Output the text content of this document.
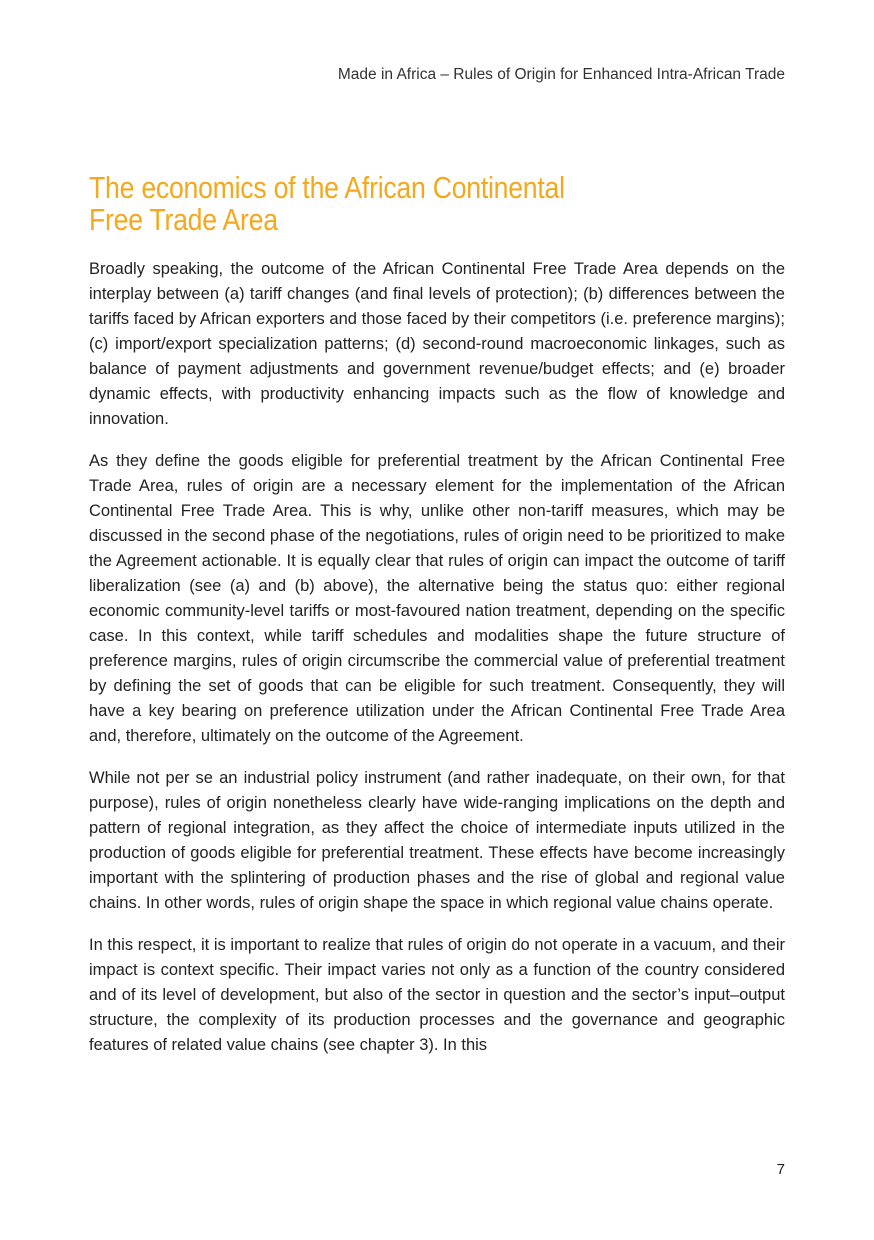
Made in Africa – Rules of Origin for Enhanced Intra-African Trade
The economics of the African Continental
Free Trade Area

Broadly speaking, the outcome of the African Continental Free Trade Area depends on the interplay between (a) tariff changes (and final levels of protection); (b) differences between the tariffs faced by African exporters and those faced by their competitors (i.e. preference margins); (c) import/export specialization patterns; (d) second-round macroeconomic linkages, such as balance of payment adjustments and government revenue/budget effects; and (e) broader dynamic effects, with productivity enhancing impacts such as the flow of knowledge and innovation.

As they define the goods eligible for preferential treatment by the African Continental Free Trade Area, rules of origin are a necessary element for the implementation of the African Continental Free Trade Area. This is why, unlike other non-tariff measures, which may be discussed in the second phase of the negotiations, rules of origin need to be prioritized to make the Agreement actionable. It is equally clear that rules of origin can impact the outcome of tariff liberalization (see (a) and (b) above), the alternative being the status quo: either regional economic community-level tariffs or most-favoured nation treatment, depending on the specific case. In this context, while tariff schedules and modalities shape the future structure of preference margins, rules of origin circumscribe the commercial value of preferential treatment by defining the set of goods that can be eligible for such treatment. Consequently, they will have a key bearing on preference utilization under the African Continental Free Trade Area and, therefore, ultimately on the outcome of the Agreement.

While not per se an industrial policy instrument (and rather inadequate, on their own, for that purpose), rules of origin nonetheless clearly have wide-ranging implications on the depth and pattern of regional integration, as they affect the choice of intermediate inputs utilized in the production of goods eligible for preferential treatment. These effects have become increasingly important with the splintering of production phases and the rise of global and regional value chains. In other words, rules of origin shape the space in which regional value chains operate.

In this respect, it is important to realize that rules of origin do not operate in a vacuum, and their impact is context specific. Their impact varies not only as a function of the country considered and of its level of development, but also of the sector in question and the sector’s input–output structure, the complexity of its production processes and the governance and geographic features of related value chains (see chapter 3). In this

7
